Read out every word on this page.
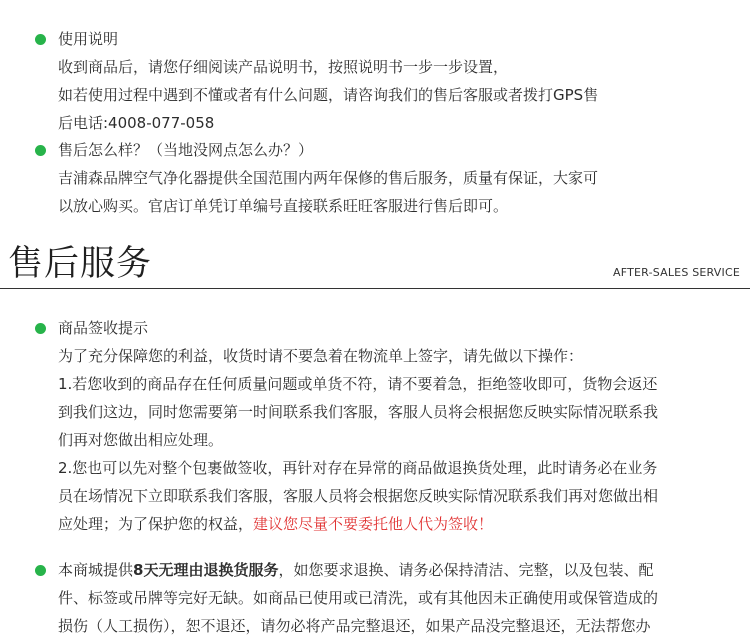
使用说明
收到商品后，请您仔细阅读产品说明书，按照说明书一步一步设置，
如若使用过程中遇到不懂或者有什么问题，请咨询我们的售后客服或者拨打GPS售
后电话:4008-077-058
售后怎么样？（当地没网点怎么办？）
吉浦森品牌空气净化器提供全国范围内两年保修的售后服务，质量有保证，大家可
以放心购买。官店订单凭订单编号直接联系旺旺客服进行售后即可。
售后服务	AFTER-SALES SERVICE
商品签收提示
为了充分保障您的利益，收货时请不要急着在物流单上签字，请先做以下操作：
1.若您收到的商品存在任何质量问题或单货不符，请不要着急，拒绝签收即可，货物会返还
到我们这边，同时您需要第一时间联系我们客服，客服人员将会根据您反映实际情况联系我
们再对您做出相应处理。
2.您也可以先对整个包裹做签收，再针对存在异常的商品做退换货处理，此时请务必在业务
员在场情况下立即联系我们客服，客服人员将会根据您反映实际情况联系我们再对您做出相
应处理；为了保护您的权益，建议您尽量不要委托他人代为签收！
本商城提供8天无理由退换货服务，如您要求退换、请务必保持清洁、完整，以及包装、配
件、标签或吊牌等完好无缺。如商品已使用或已清洗，或有其他因未正确使用或保管造成的
损伤（人工损伤），恕不退还，请勿必将产品完整退还，如果产品没完整退还，无法帮您办
